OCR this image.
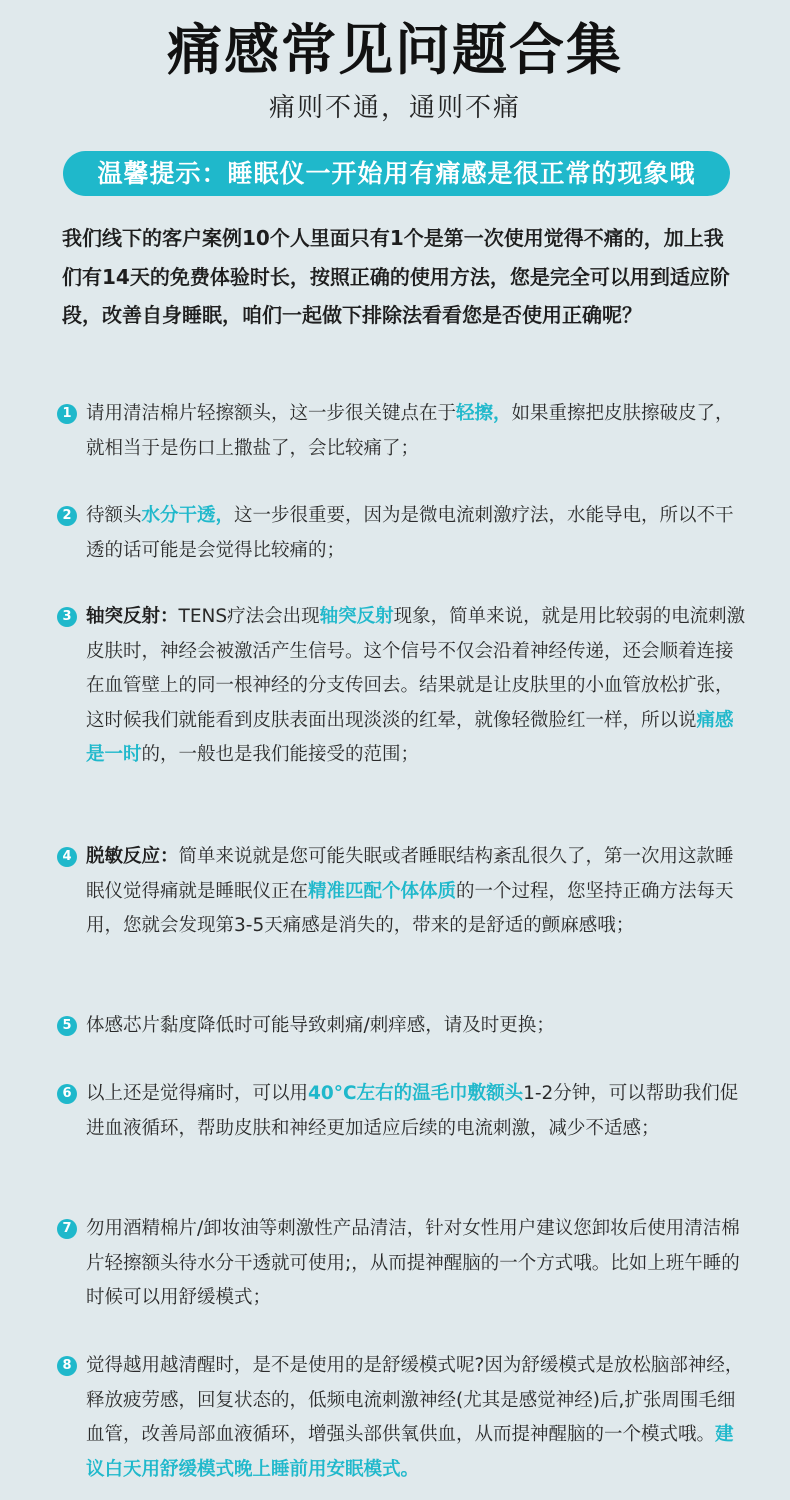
痛感常见问题合集
痛则不通，通则不痛
温馨提示：睡眠仪一开始用有痛感是很正常的现象哦
我们线下的客户案例10个人里面只有1个是第一次使用觉得不痛的，加上我们有14天的免费体验时长，按照正确的使用方法，您是完全可以用到适应阶段，改善自身睡眠，咱们一起做下排除法看看您是否使用正确呢？
1 请用清洁棉片轻擦额头，这一步很关键点在于轻擦，如果重擦把皮肤擦破皮了，就相当于是伤口上撒盐了，会比较痛了；
2 待额头水分干透，这一步很重要，因为是微电流刺激疗法，水能导电，所以不干透的话可能是会觉得比较痛的；
3 轴突反射：TENS疗法会出现轴突反射现象，简单来说，就是用比较弱的电流刺激皮肤时，神经会被激活产生信号。这个信号不仅会沿着神经传递，还会顺着连接在血管壁上的同一根神经的分支传回去。结果就是让皮肤里的小血管放松扩张，这时候我们就能看到皮肤表面出现淡淡的红晕，就像轻微脸红一样，所以说痛感是一时的，一般也是我们能接受的范围；
4 脱敏反应：简单来说就是您可能失眠或者睡眠结构紊乱很久了，第一次用这款睡眠仪觉得痛就是睡眠仪正在精准匹配个体体质的一个过程，您坚持正确方法每天用，您就会发现第3-5天痛感是消失的，带来的是舒适的颤麻感哦；
5 体感芯片黏度降低时可能导致刺痛/刺痒感，请及时更换；
6 以上还是觉得痛时，可以用40°C左右的温毛巾敷额头1-2分钟，可以帮助我们促进血液循环，帮助皮肤和神经更加适应后续的电流刺激，减少不适感；
7 勿用酒精棉片/卸妆油等刺激性产品清洁，针对女性用户建议您卸妆后使用清洁棉片轻擦额头待水分干透就可使用;，从而提神醒脑的一个方式哦。比如上班午睡的时候可以用舒缓模式；
8 觉得越用越清醒时，是不是使用的是舒缓模式呢?因为舒缓模式是放松脑部神经，释放疲劳感，回复状态的，低频电流刺激神经(尤其是感觉神经)后,扩张周围毛细血管，改善局部血液循环，增强头部供氧供血，从而提神醒脑的一个模式哦。建议白天用舒缓模式晚上睡前用安眠模式。
